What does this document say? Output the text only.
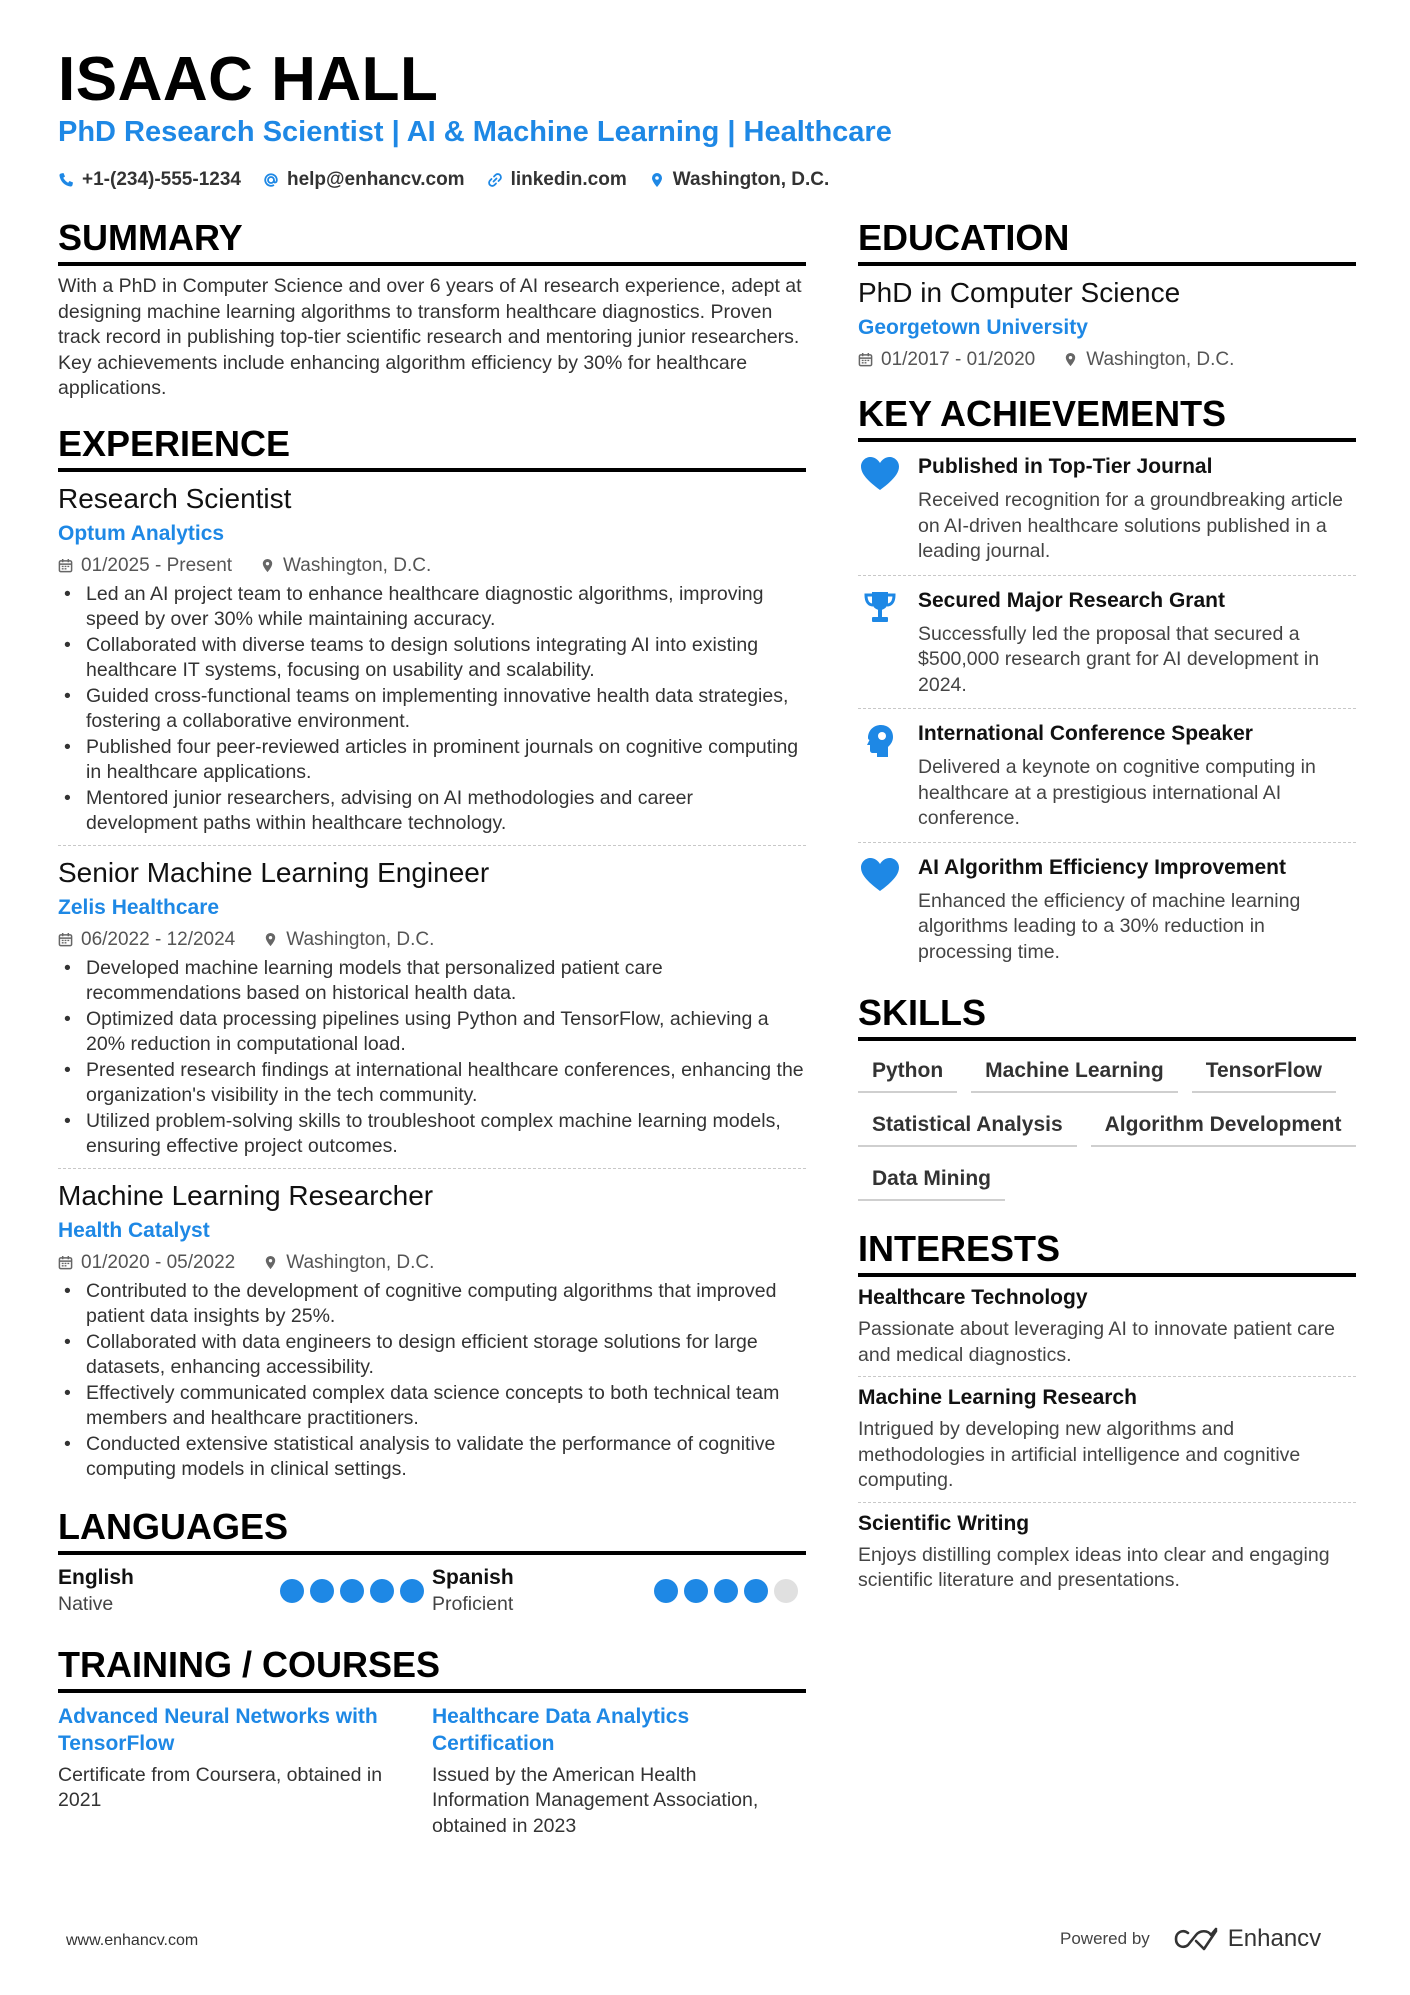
ISAAC HALL
PhD Research Scientist | AI & Machine Learning | Healthcare
+1-(234)-555-1234 help@enhancv.com linkedin.com Washington, D.C.
SUMMARY

With a PhD in Computer Science and over 6 years of AI research experience, adept at designing machine learning algorithms to transform healthcare diagnostics. Proven track record in publishing top-tier scientific research and mentoring junior researchers. Key achievements include enhancing algorithm efficiency by 30% for healthcare applications.

EXPERIENCE
Research Scientist
Optum Analytics
01/2025 - Present	Washington, D.C.
• Led an AI project team to enhance healthcare diagnostic algorithms, improving speed by over 30% while maintaining accuracy.
• Collaborated with diverse teams to design solutions integrating AI into existing healthcare IT systems, focusing on usability and scalability.
• Guided cross-functional teams on implementing innovative health data strategies, fostering a collaborative environment.
• Published four peer-reviewed articles in prominent journals on cognitive computing in healthcare applications.
• Mentored junior researchers, advising on AI methodologies and career development paths within healthcare technology.
Senior Machine Learning Engineer
Zelis Healthcare
06/2022 - 12/2024	Washington, D.C.
• Developed machine learning models that personalized patient care recommendations based on historical health data.
• Optimized data processing pipelines using Python and TensorFlow, achieving a 20% reduction in computational load.
• Presented research findings at international healthcare conferences, enhancing the organization's visibility in the tech community.
• Utilized problem-solving skills to troubleshoot complex machine learning models, ensuring effective project outcomes.
Machine Learning Researcher
Health Catalyst
01/2020 - 05/2022	Washington, D.C.
• Contributed to the development of cognitive computing algorithms that improved patient data insights by 25%.
• Collaborated with data engineers to design efficient storage solutions for large datasets, enhancing accessibility.
• Effectively communicated complex data science concepts to both technical team members and healthcare practitioners.
• Conducted extensive statistical analysis to validate the performance of cognitive computing models in clinical settings.
LANGUAGES
English
Native
Spanish
Proficient
TRAINING / COURSES
Advanced Neural Networks with TensorFlow
Certificate from Coursera, obtained in 2021
Healthcare Data Analytics Certification
Issued by the American Health Information Management Association, obtained in 2023
EDUCATION
PhD in Computer Science
Georgetown University
01/2017 - 01/2020	Washington, D.C.
KEY ACHIEVEMENTS
Published in Top-Tier Journal
Received recognition for a groundbreaking article on AI-driven healthcare solutions published in a leading journal.
Secured Major Research Grant
Successfully led the proposal that secured a $500,000 research grant for AI development in 2024.
International Conference Speaker
Delivered a keynote on cognitive computing in healthcare at a prestigious international AI conference.
AI Algorithm Efficiency Improvement
Enhanced the efficiency of machine learning algorithms leading to a 30% reduction in processing time.
SKILLS
Python	Machine Learning	TensorFlow
Statistical Analysis	Algorithm Development
Data Mining
INTERESTS
Healthcare Technology
Passionate about leveraging AI to innovate patient care and medical diagnostics.
Machine Learning Research
Intrigued by developing new algorithms and methodologies in artificial intelligence and cognitive computing.
Scientific Writing
Enjoys distilling complex ideas into clear and engaging scientific literature and presentations.
www.enhancv.com	Powered by	Enhancv
